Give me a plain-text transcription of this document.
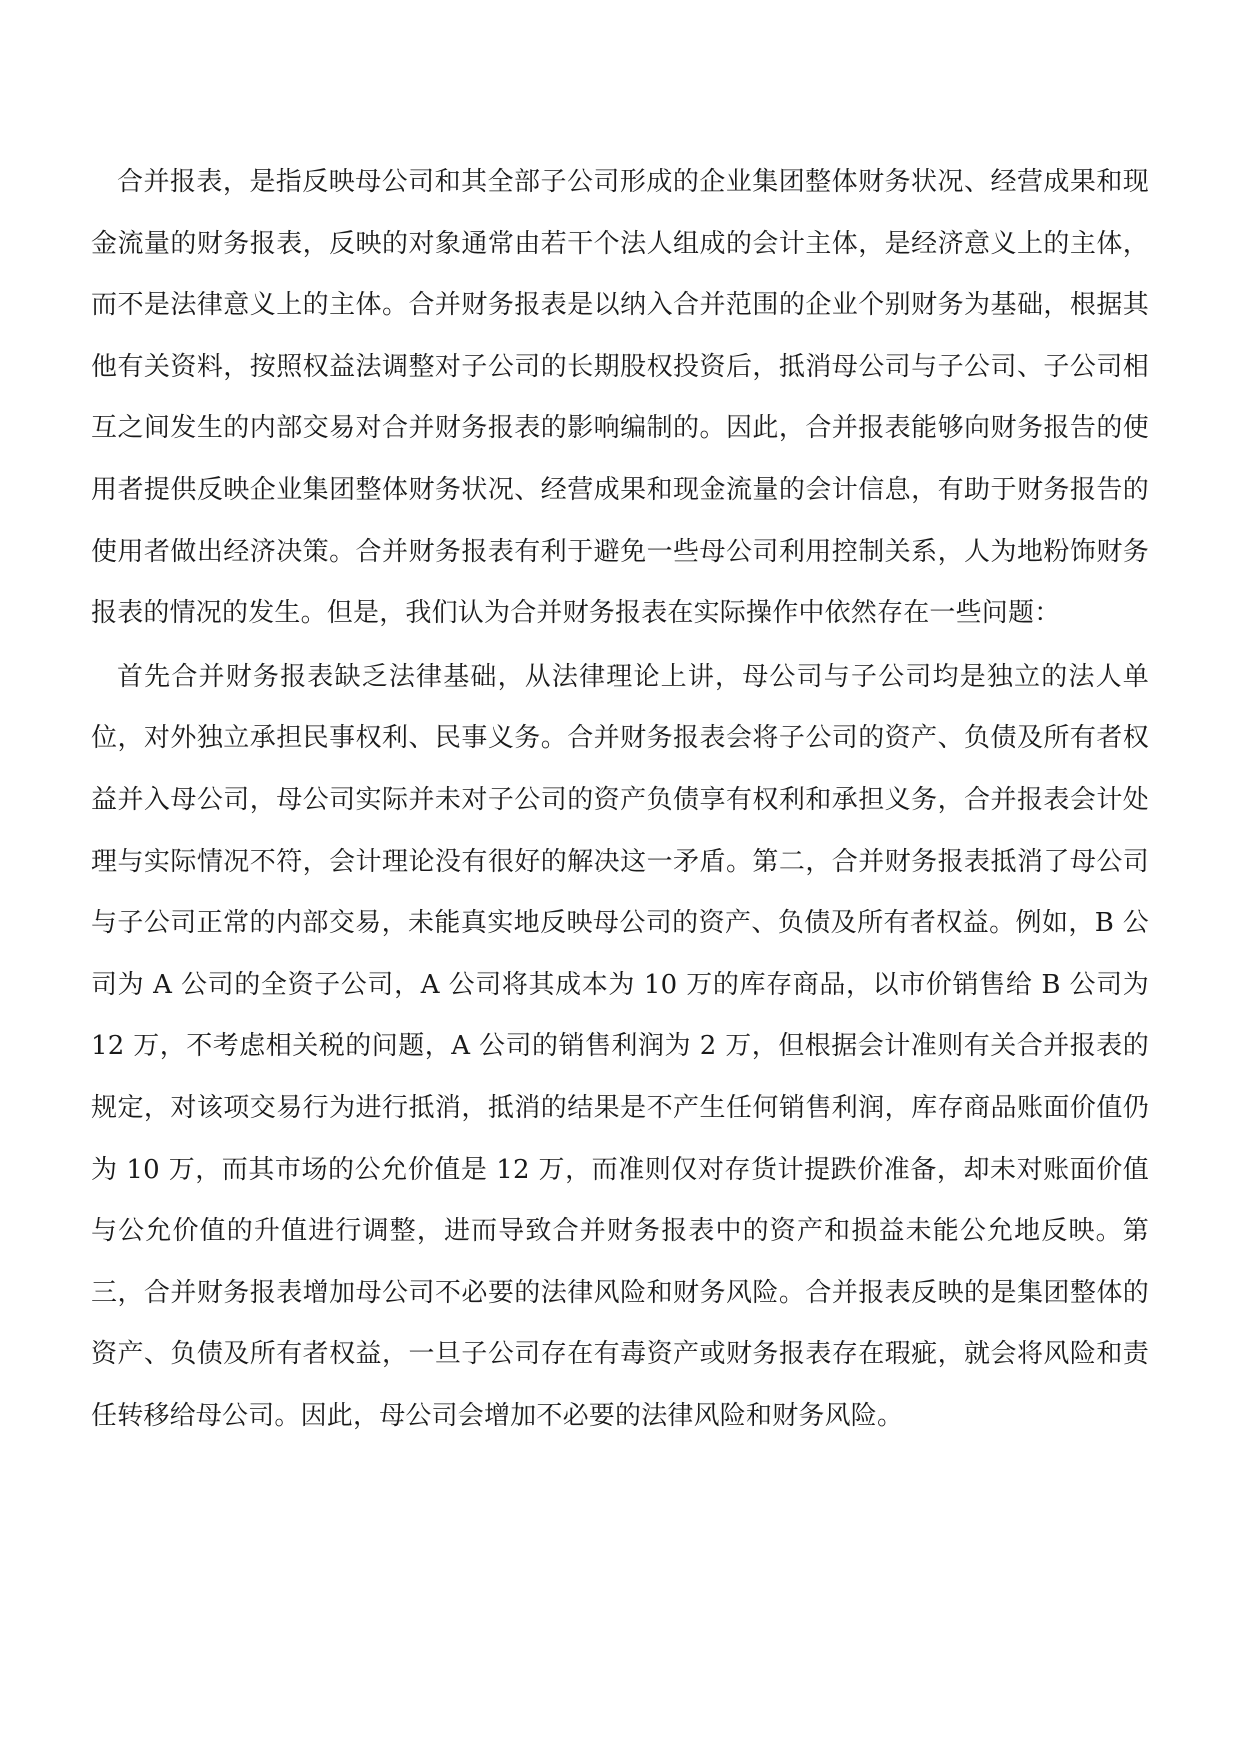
合并报表，是指反映母公司和其全部子公司形成的企业集团整体财务状况、经营成果和现金流量的财务报表，反映的对象通常由若干个法人组成的会计主体，是经济意义上的主体，而不是法律意义上的主体。合并财务报表是以纳入合并范围的企业个别财务为基础，根据其他有关资料，按照权益法调整对子公司的长期股权投资后，抵消母公司与子公司、子公司相互之间发生的内部交易对合并财务报表的影响编制的。因此，合并报表能够向财务报告的使用者提供反映企业集团整体财务状况、经营成果和现金流量的会计信息，有助于财务报告的使用者做出经济决策。合并财务报表有利于避免一些母公司利用控制关系，人为地粉饰财务报表的情况的发生。但是，我们认为合并财务报表在实际操作中依然存在一些问题：

首先合并财务报表缺乏法律基础，从法律理论上讲，母公司与子公司均是独立的法人单位，对外独立承担民事权利、民事义务。合并财务报表会将子公司的资产、负债及所有者权益并入母公司，母公司实际并未对子公司的资产负债享有权利和承担义务，合并报表会计处理与实际情况不符，会计理论没有很好的解决这一矛盾。第二，合并财务报表抵消了母公司与子公司正常的内部交易，未能真实地反映母公司的资产、负债及所有者权益。例如，B 公司为 A 公司的全资子公司，A 公司将其成本为 10 万的库存商品，以市价销售给 B 公司为 12 万，不考虑相关税的问题，A 公司的销售利润为 2 万，但根据会计准则有关合并报表的规定，对该项交易行为进行抵消，抵消的结果是不产生任何销售利润，库存商品账面价值仍为 10 万，而其市场的公允价值是 12 万，而准则仅对存货计提跌价准备，却未对账面价值与公允价值的升值进行调整，进而导致合并财务报表中的资产和损益未能公允地反映。第三，合并财务报表增加母公司不必要的法律风险和财务风险。合并报表反映的是集团整体的资产、负债及所有者权益，一旦子公司存在有毒资产或财务报表存在瑕疵，就会将风险和责任转移给母公司。因此，母公司会增加不必要的法律风险和财务风险。
